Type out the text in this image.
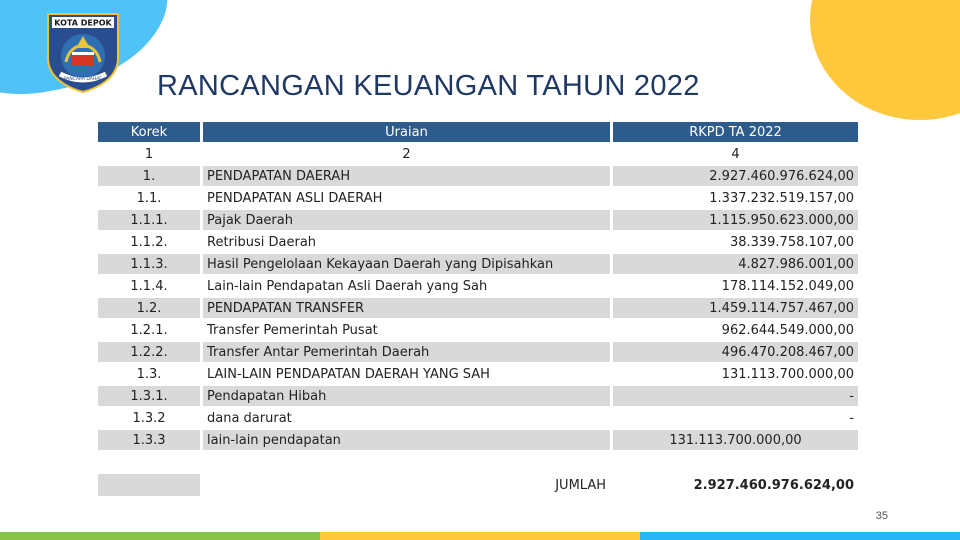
KOTA DEPOK
PANCARA DAHAE RANCANGAN KEUANGAN TAHUN 2022
Korek	Uraian	RKPD TA 2022
1	2	4
1.	PENDAPATAN DAERAH	2.927.460.976.624,00
1.1.	PENDAPATAN ASLI DAERAH	1.337.232.519.157,00
1.1.1.	Pajak Daerah	1.115.950.623.000,00
1.1.2.	Retribusi Daerah	38.339.758.107,00
1.1.3.	Hasil Pengelolaan Kekayaan Daerah yang Dipisahkan	4.827.986.001,00
1.1.4.	Lain-lain Pendapatan Asli Daerah yang Sah	178.114.152.049,00
1.2.	PENDAPATAN TRANSFER	1.459.114.757.467,00
1.2.1.	Transfer Pemerintah Pusat	962.644.549.000,00
1.2.2.	Transfer Antar Pemerintah Daerah	496.470.208.467,00
1.3.	LAIN-LAIN PENDAPATAN DAERAH YANG SAH	131.113.700.000,00
1.3.1.	Pendapatan Hibah	-
1.3.2	dana darurat	-
1.3.3	lain-lain pendapatan	131.113.700.000,00

	JUMLAH	2.927.460.976.624,00
35
